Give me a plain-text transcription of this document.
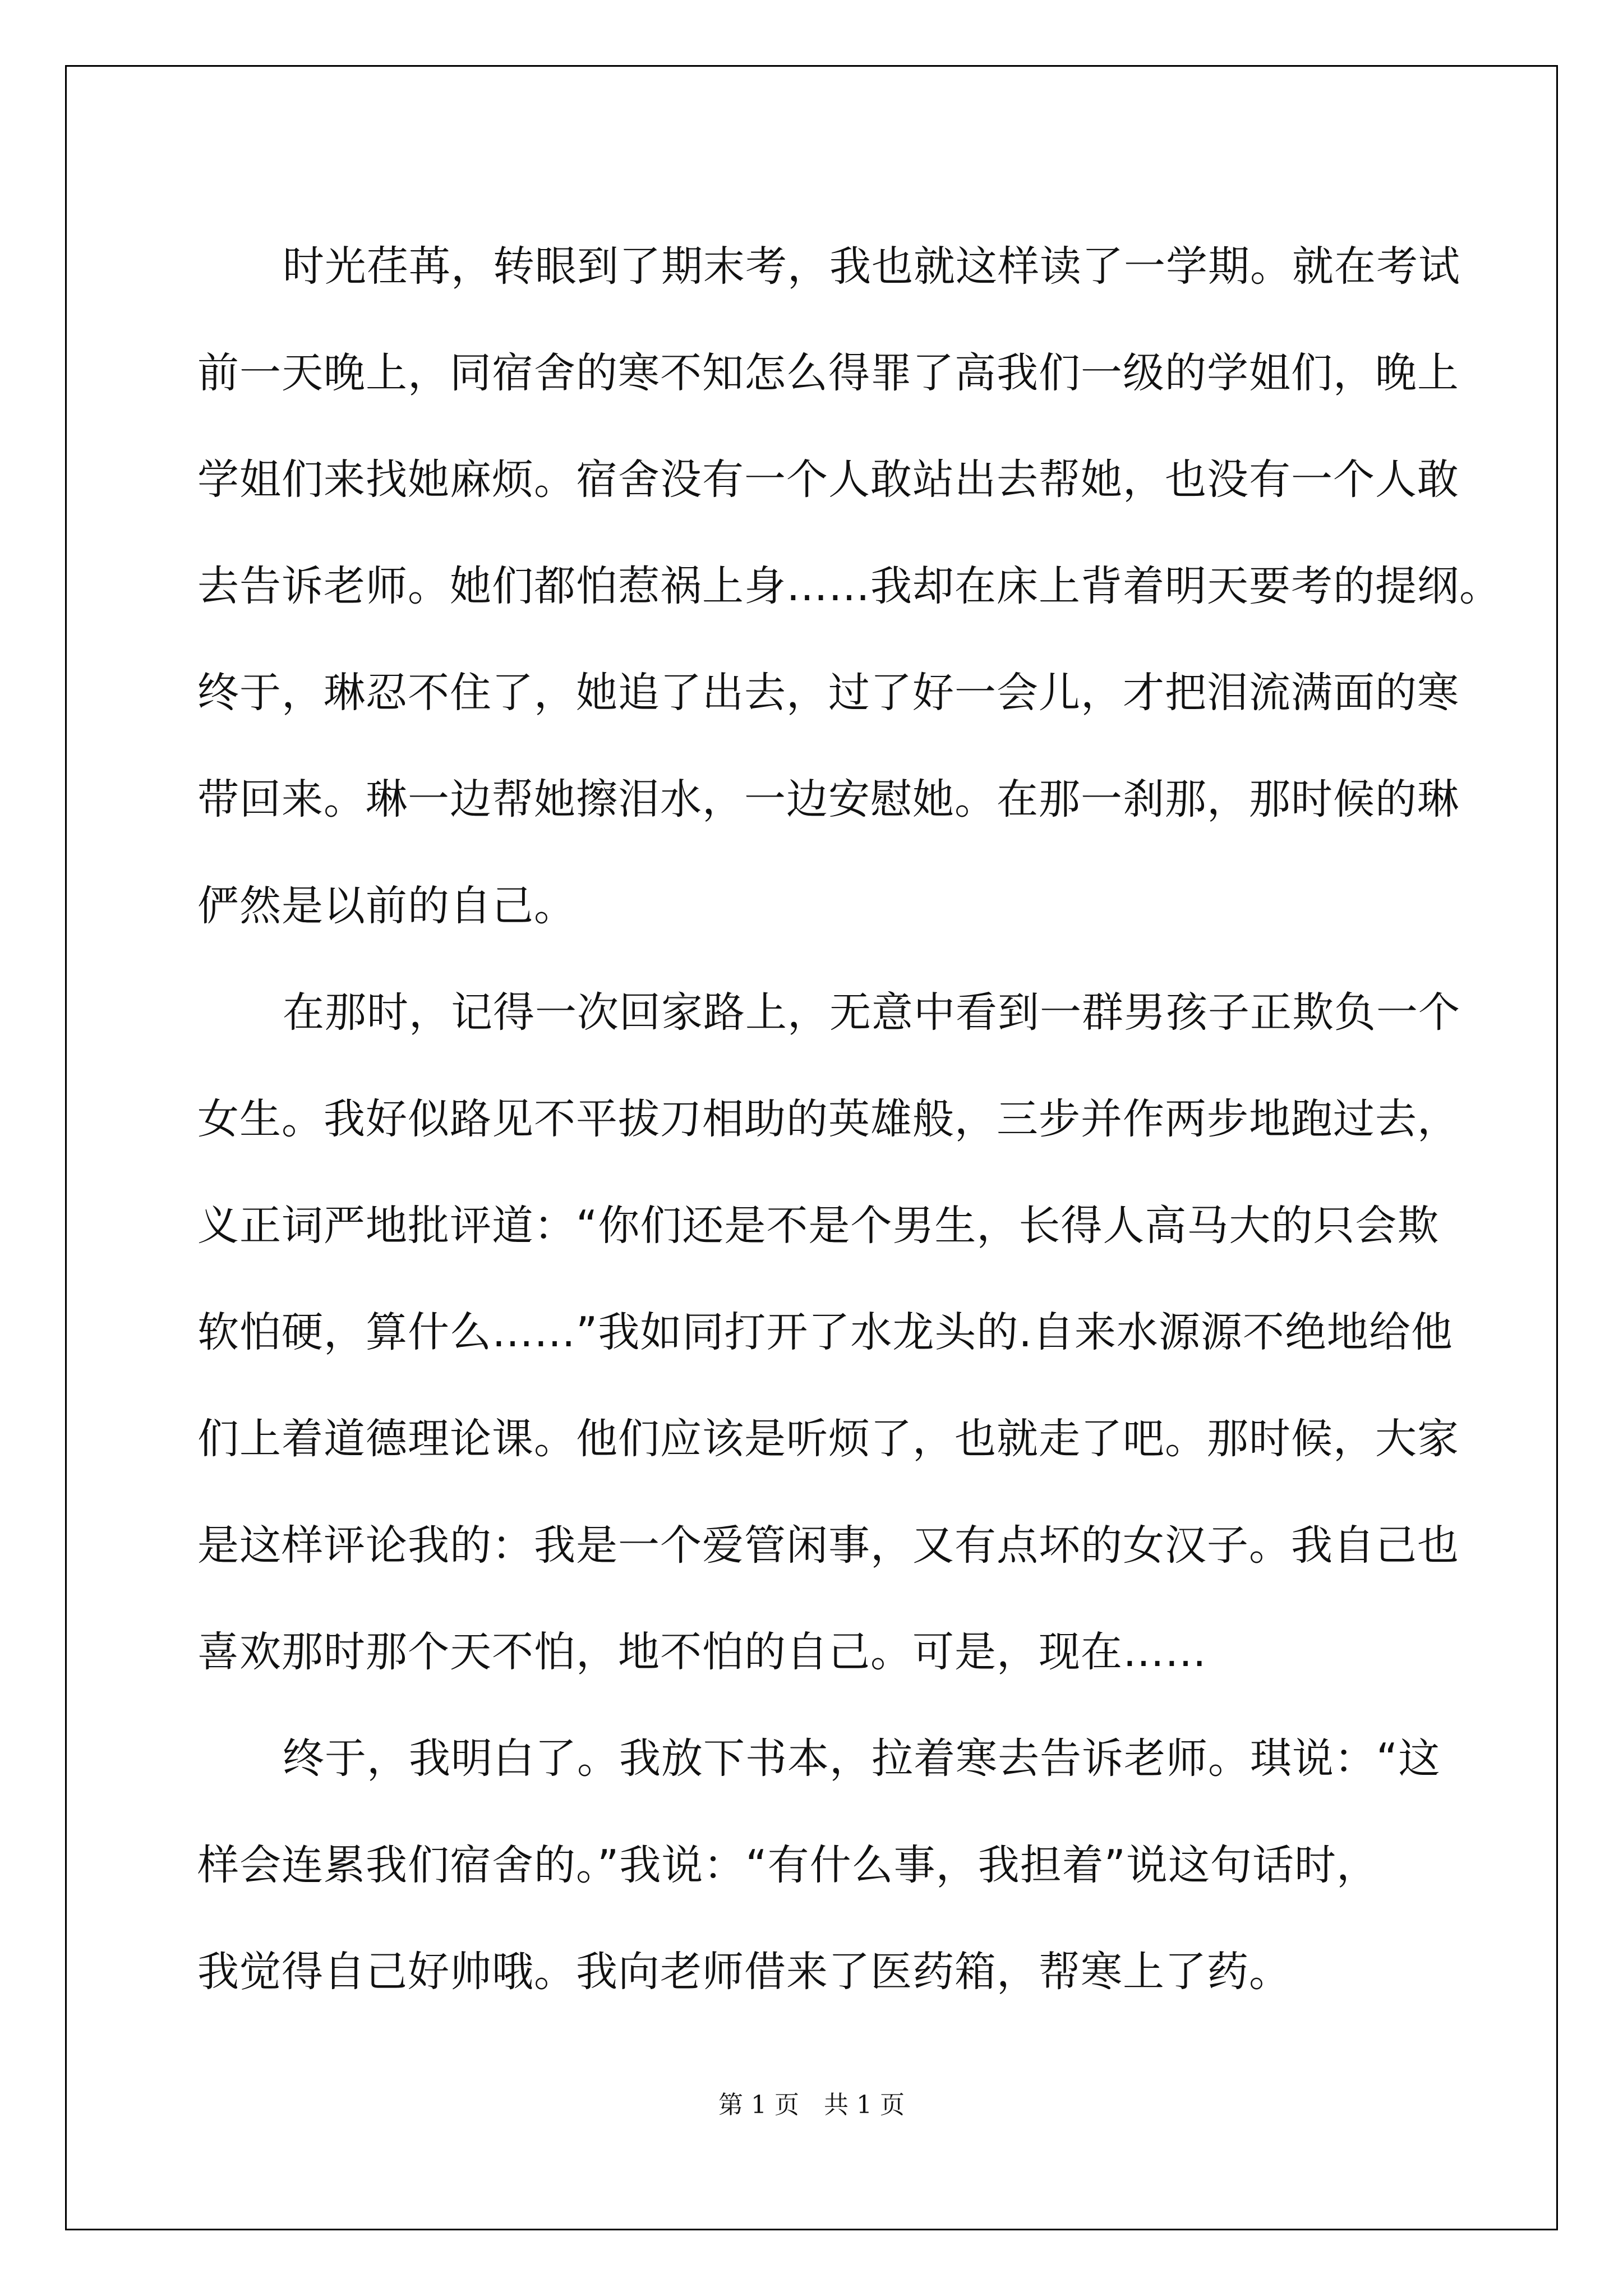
时光荏苒，转眼到了期末考，我也就这样读了一学期。就在考试
前一天晚上，同宿舍的寒不知怎么得罪了高我们一级的学姐们，晚上
学姐们来找她麻烦。宿舍没有一个人敢站出去帮她，也没有一个人敢
去告诉老师。她们都怕惹祸上身……我却在床上背着明天要考的提纲。
终于，琳忍不住了，她追了出去，过了好一会儿，才把泪流满面的寒
带回来。琳一边帮她擦泪水，一边安慰她。在那一刹那，那时候的琳
俨然是以前的自己。
在那时，记得一次回家路上，无意中看到一群男孩子正欺负一个
女生。我好似路见不平拔刀相助的英雄般，三步并作两步地跑过去，
义正词严地批评道：“你们还是不是个男生，长得人高马大的只会欺
软怕硬，算什么……”我如同打开了水龙头的.自来水源源不绝地给他
们上着道德理论课。他们应该是听烦了，也就走了吧。那时候，大家
是这样评论我的：我是一个爱管闲事，又有点坏的女汉子。我自己也
喜欢那时那个天不怕，地不怕的自己。可是，现在……
终于，我明白了。我放下书本，拉着寒去告诉老师。琪说：“这
样会连累我们宿舍的。”我说：“有什么事，我担着”说这句话时，
我觉得自己好帅哦。我向老师借来了医药箱，帮寒上了药。
第 1 页　共 1 页
